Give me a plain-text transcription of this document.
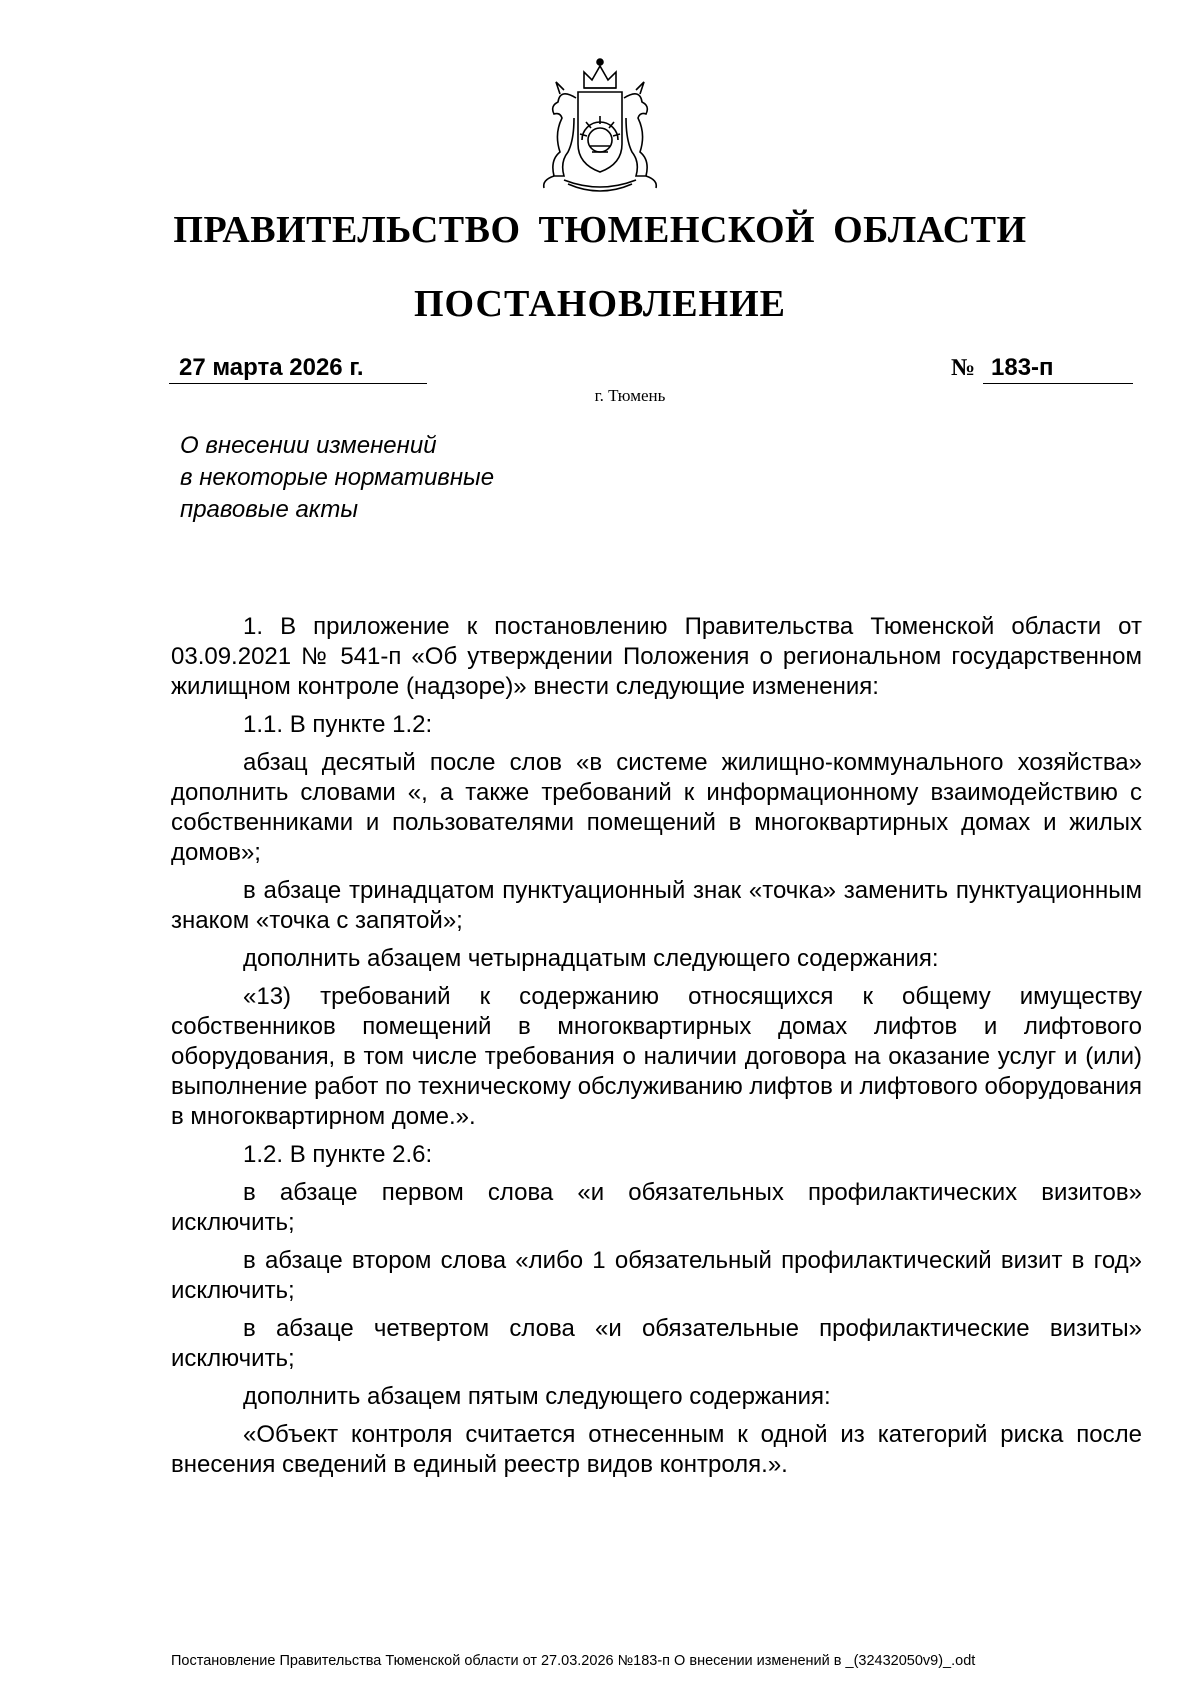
ПРАВИТЕЛЬСТВО ТЮМЕНСКОЙ ОБЛАСТИ
ПОСТАНОВЛЕНИЕ
27 марта 2026 г.	№ 183-п
г. Тюмень
О внесении изменений
в некоторые нормативные
правовые акты

1. В приложение к постановлению Правительства Тюменской области от 03.09.2021 № 541-п «Об утверждении Положения о региональном государственном жилищном контроле (надзоре)» внести следующие изменения:

1.1. В пункте 1.2:

абзац десятый после слов «в системе жилищно-коммунального хозяйства» дополнить словами «, а также требований к информационному взаимодействию с собственниками и пользователями помещений в многоквартирных домах и жилых домов»;

в абзаце тринадцатом пунктуационный знак «точка» заменить пунктуационным знаком «точка с запятой»;

дополнить абзацем четырнадцатым следующего содержания:

«13) требований к содержанию относящихся к общему имуществу собственников помещений в многоквартирных домах лифтов и лифтового оборудования, в том числе требования о наличии договора на оказание услуг и (или) выполнение работ по техническому обслуживанию лифтов и лифтового оборудования в многоквартирном доме.».

1.2. В пункте 2.6:

в абзаце первом слова «и обязательных профилактических визитов» исключить;

в абзаце втором слова «либо 1 обязательный профилактический визит в год» исключить;

в абзаце четвертом слова «и обязательные профилактические визиты» исключить;

дополнить абзацем пятым следующего содержания:

«Объект контроля считается отнесенным к одной из категорий риска после внесения сведений в единый реестр видов контроля.».

Постановление Правительства Тюменской области от 27.03.2026 №183-п О внесении изменений в _(32432050v9)_.odt
